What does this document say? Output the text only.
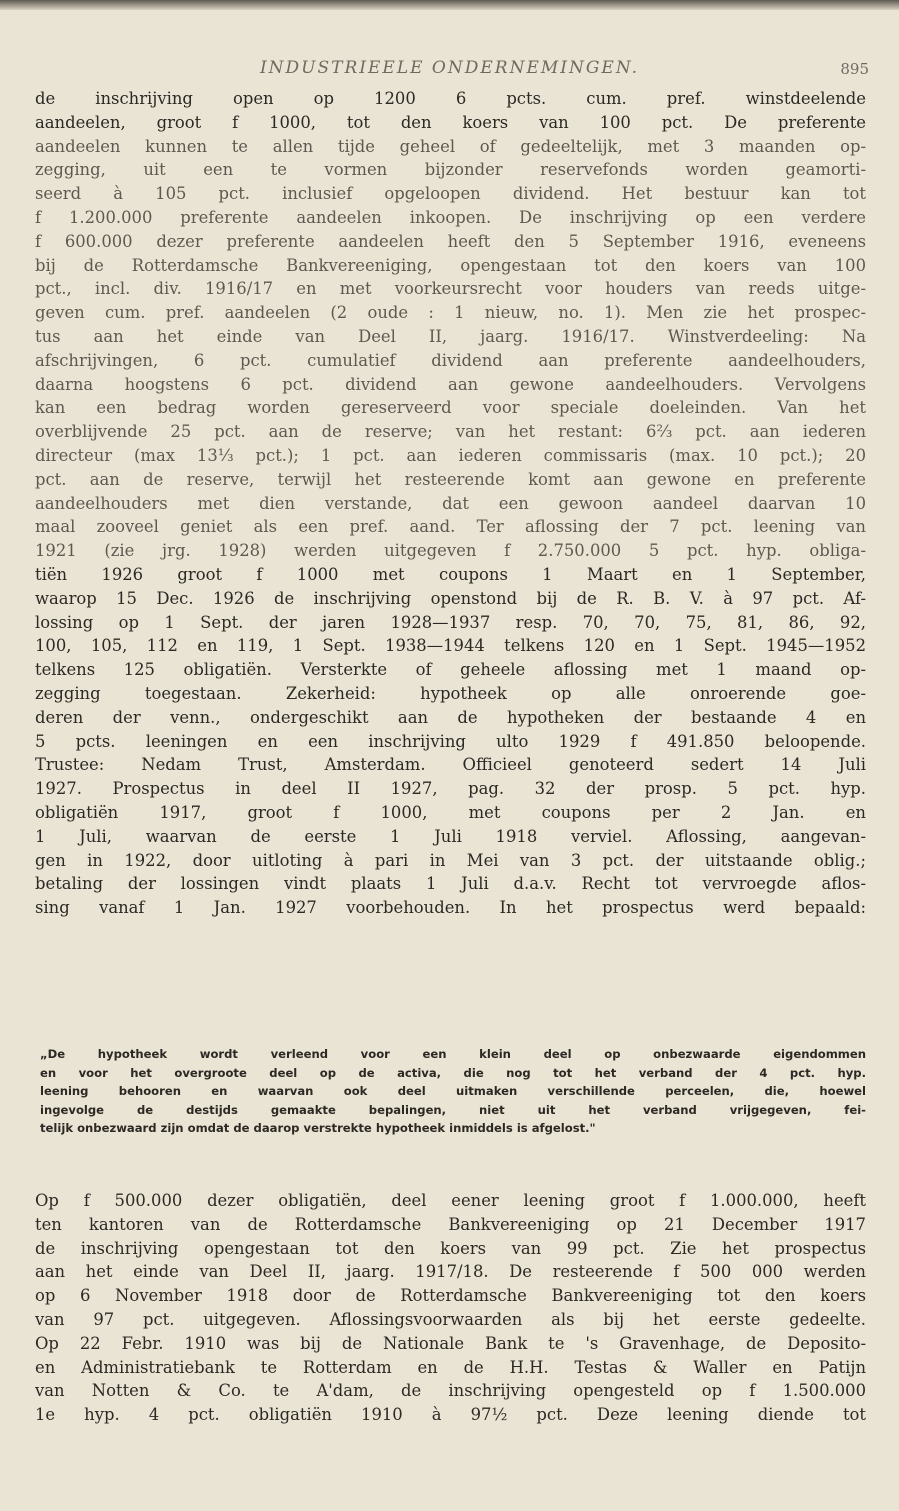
INDUSTRIEELE ONDERNEMINGEN.	895
de inschrijving open op 1200 6 pcts. cum. pref. winstdeelende
aandeelen, groot f 1000, tot den koers van 100 pct. De preferente
aandeelen kunnen te allen tijde geheel of gedeeltelijk, met 3 maanden op-
zegging, uit een te vormen bijzonder reservefonds worden geamorti-
seerd à 105 pct. inclusief opgeloopen dividend. Het bestuur kan tot
f 1.200.000 preferente aandeelen inkoopen. De inschrijving op een verdere
f 600.000 dezer preferente aandeelen heeft den 5 September 1916, eveneens
bij de Rotterdamsche Bankvereeniging, opengestaan tot den koers van 100
pct., incl. div. 1916/17 en met voorkeursrecht voor houders van reeds uitge-
geven cum. pref. aandeelen (2 oude : 1 nieuw, no. 1). Men zie het prospec-
tus aan het einde van Deel II, jaarg. 1916/17. Winstverdeeling: Na
afschrijvingen, 6 pct. cumulatief dividend aan preferente aandeelhouders,
daarna hoogstens 6 pct. dividend aan gewone aandeelhouders. Vervolgens
kan een bedrag worden gereserveerd voor speciale doeleinden. Van het
overblijvende 25 pct. aan de reserve; van het restant: 6⅔ pct. aan iederen
directeur (max 13⅓ pct.); 1 pct. aan iederen commissaris (max. 10 pct.); 20
pct. aan de reserve, terwijl het resteerende komt aan gewone en preferente
aandeelhouders met dien verstande, dat een gewoon aandeel daarvan 10
maal zooveel geniet als een pref. aand. Ter aflossing der 7 pct. leening van
1921 (zie jrg. 1928) werden uitgegeven f 2.750.000 5 pct. hyp. obliga-
tiën 1926 groot f 1000 met coupons 1 Maart en 1 September,
waarop 15 Dec. 1926 de inschrijving openstond bij de R. B. V. à 97 pct. Af-
lossing op 1 Sept. der jaren 1928—1937 resp. 70, 70, 75, 81, 86, 92,
100, 105, 112 en 119, 1 Sept. 1938—1944 telkens 120 en 1 Sept. 1945—1952
telkens 125 obligatiën. Versterkte of geheele aflossing met 1 maand op-
zegging toegestaan. Zekerheid: hypotheek op alle onroerende goe-
deren der venn., ondergeschikt aan de hypotheken der bestaande 4 en
5 pcts. leeningen en een inschrijving ulto 1929 f 491.850 beloopende.
Trustee: Nedam Trust, Amsterdam. Officieel genoteerd sedert 14 Juli
1927. Prospectus in deel II 1927, pag. 32 der prosp. 5 pct. hyp.
obligatiën 1917, groot f 1000, met coupons per 2 Jan. en
1 Juli, waarvan de eerste 1 Juli 1918 verviel. Aflossing, aangevan-
gen in 1922, door uitloting à pari in Mei van 3 pct. der uitstaande oblig.;
betaling der lossingen vindt plaats 1 Juli d.a.v. Recht tot vervroegde aflos-
sing vanaf 1 Jan. 1927 voorbehouden. In het prospectus werd bepaald:
„De hypotheek wordt verleend voor een klein deel op onbezwaarde eigendommen
en voor het overgroote deel op de activa, die nog tot het verband der 4 pct. hyp.
leening behooren en waarvan ook deel uitmaken verschillende perceelen, die, hoewel
ingevolge de destijds gemaakte bepalingen, niet uit het verband vrijgegeven, fei-
telijk onbezwaard zijn omdat de daarop verstrekte hypotheek inmiddels is afgelost."
Op f 500.000 dezer obligatiën, deel eener leening groot f 1.000.000, heeft
ten kantoren van de Rotterdamsche Bankvereeniging op 21 December 1917
de inschrijving opengestaan tot den koers van 99 pct. Zie het prospectus
aan het einde van Deel II, jaarg. 1917/18. De resteerende f 500 000 werden
op 6 November 1918 door de Rotterdamsche Bankvereeniging tot den koers
van 97 pct. uitgegeven. Aflossingsvoorwaarden als bij het eerste gedeelte.
Op 22 Febr. 1910 was bij de Nationale Bank te 's Gravenhage, de Deposito-
en Administratiebank te Rotterdam en de H.H. Testas & Waller en Patijn
van Notten & Co. te A'dam, de inschrijving opengesteld op f 1.500.000
1e hyp. 4 pct. obligatiën 1910 à 97½ pct. Deze leening diende tot
